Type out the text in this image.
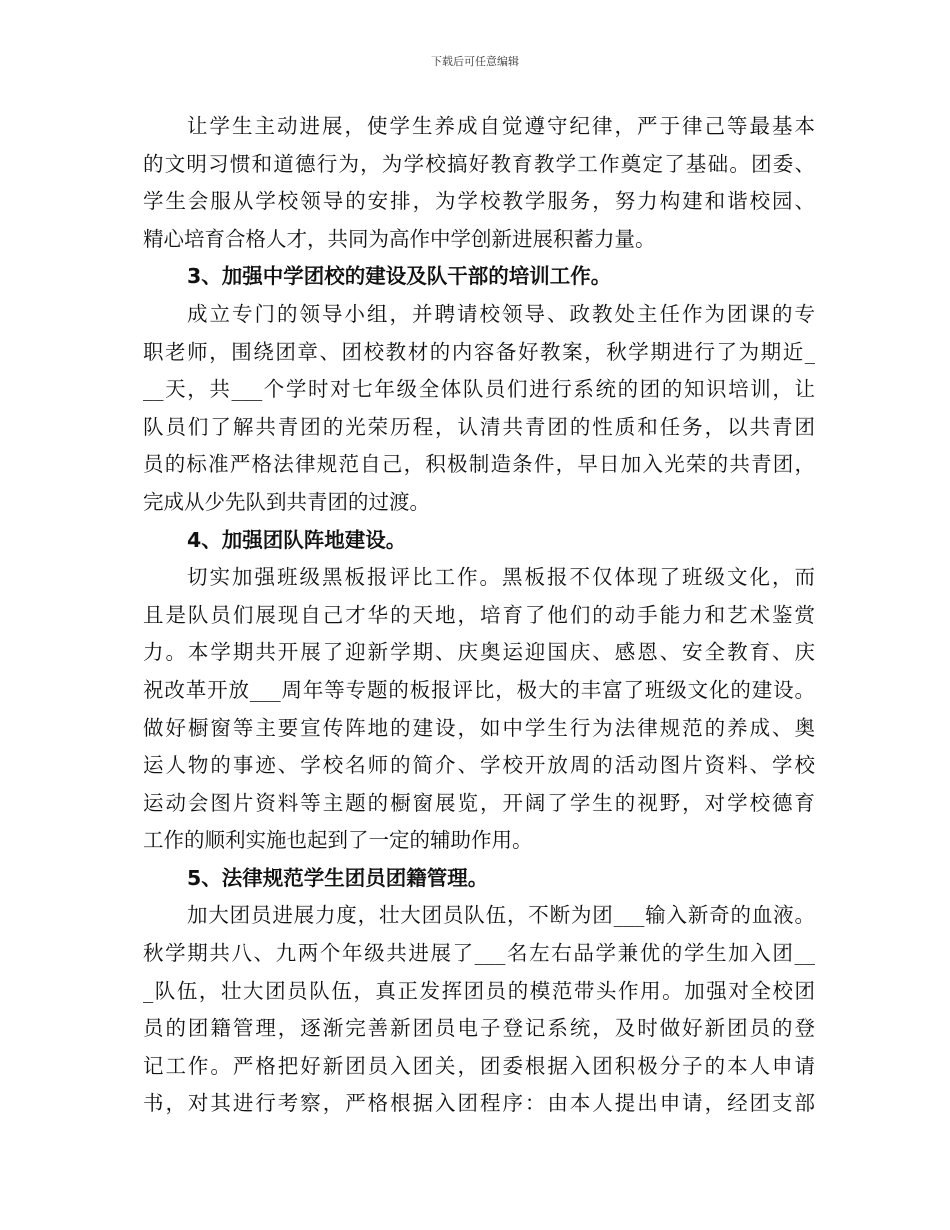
下载后可任意编辑
让学生主动进展，使学生养成自觉遵守纪律，严于律己等最基本
的文明习惯和道德行为，为学校搞好教育教学工作奠定了基础。团委、
学生会服从学校领导的安排，为学校教学服务，努力构建和谐校园、
精心培育合格人才，共同为高作中学创新进展积蓄力量。
3、加强中学团校的建设及队干部的培训工作。
成立专门的领导小组，并聘请校领导、政教处主任作为团课的专
职老师，围绕团章、团校教材的内容备好教案，秋学期进行了为期近_
__天，共___个学时对七年级全体队员们进行系统的团的知识培训，让
队员们了解共青团的光荣历程，认清共青团的性质和任务，以共青团
员的标准严格法律规范自己，积极制造条件，早日加入光荣的共青团，
完成从少先队到共青团的过渡。
4、加强团队阵地建设。
切实加强班级黑板报评比工作。黑板报不仅体现了班级文化，而
且是队员们展现自己才华的天地，培育了他们的动手能力和艺术鉴赏
力。本学期共开展了迎新学期、庆奥运迎国庆、感恩、安全教育、庆
祝改革开放___周年等专题的板报评比，极大的丰富了班级文化的建设。
做好橱窗等主要宣传阵地的建设，如中学生行为法律规范的养成、奥
运人物的事迹、学校名师的简介、学校开放周的活动图片资料、学校
运动会图片资料等主题的橱窗展览，开阔了学生的视野，对学校德育
工作的顺利实施也起到了一定的辅助作用。
5、法律规范学生团员团籍管理。
加大团员进展力度，壮大团员队伍，不断为团___输入新奇的血液。
秋学期共八、九两个年级共进展了___名左右品学兼优的学生加入团__
_队伍，壮大团员队伍，真正发挥团员的模范带头作用。加强对全校团
员的团籍管理，逐渐完善新团员电子登记系统，及时做好新团员的登
记工作。严格把好新团员入团关，团委根据入团积极分子的本人申请
书，对其进行考察，严格根据入团程序：由本人提出申请，经团支部
